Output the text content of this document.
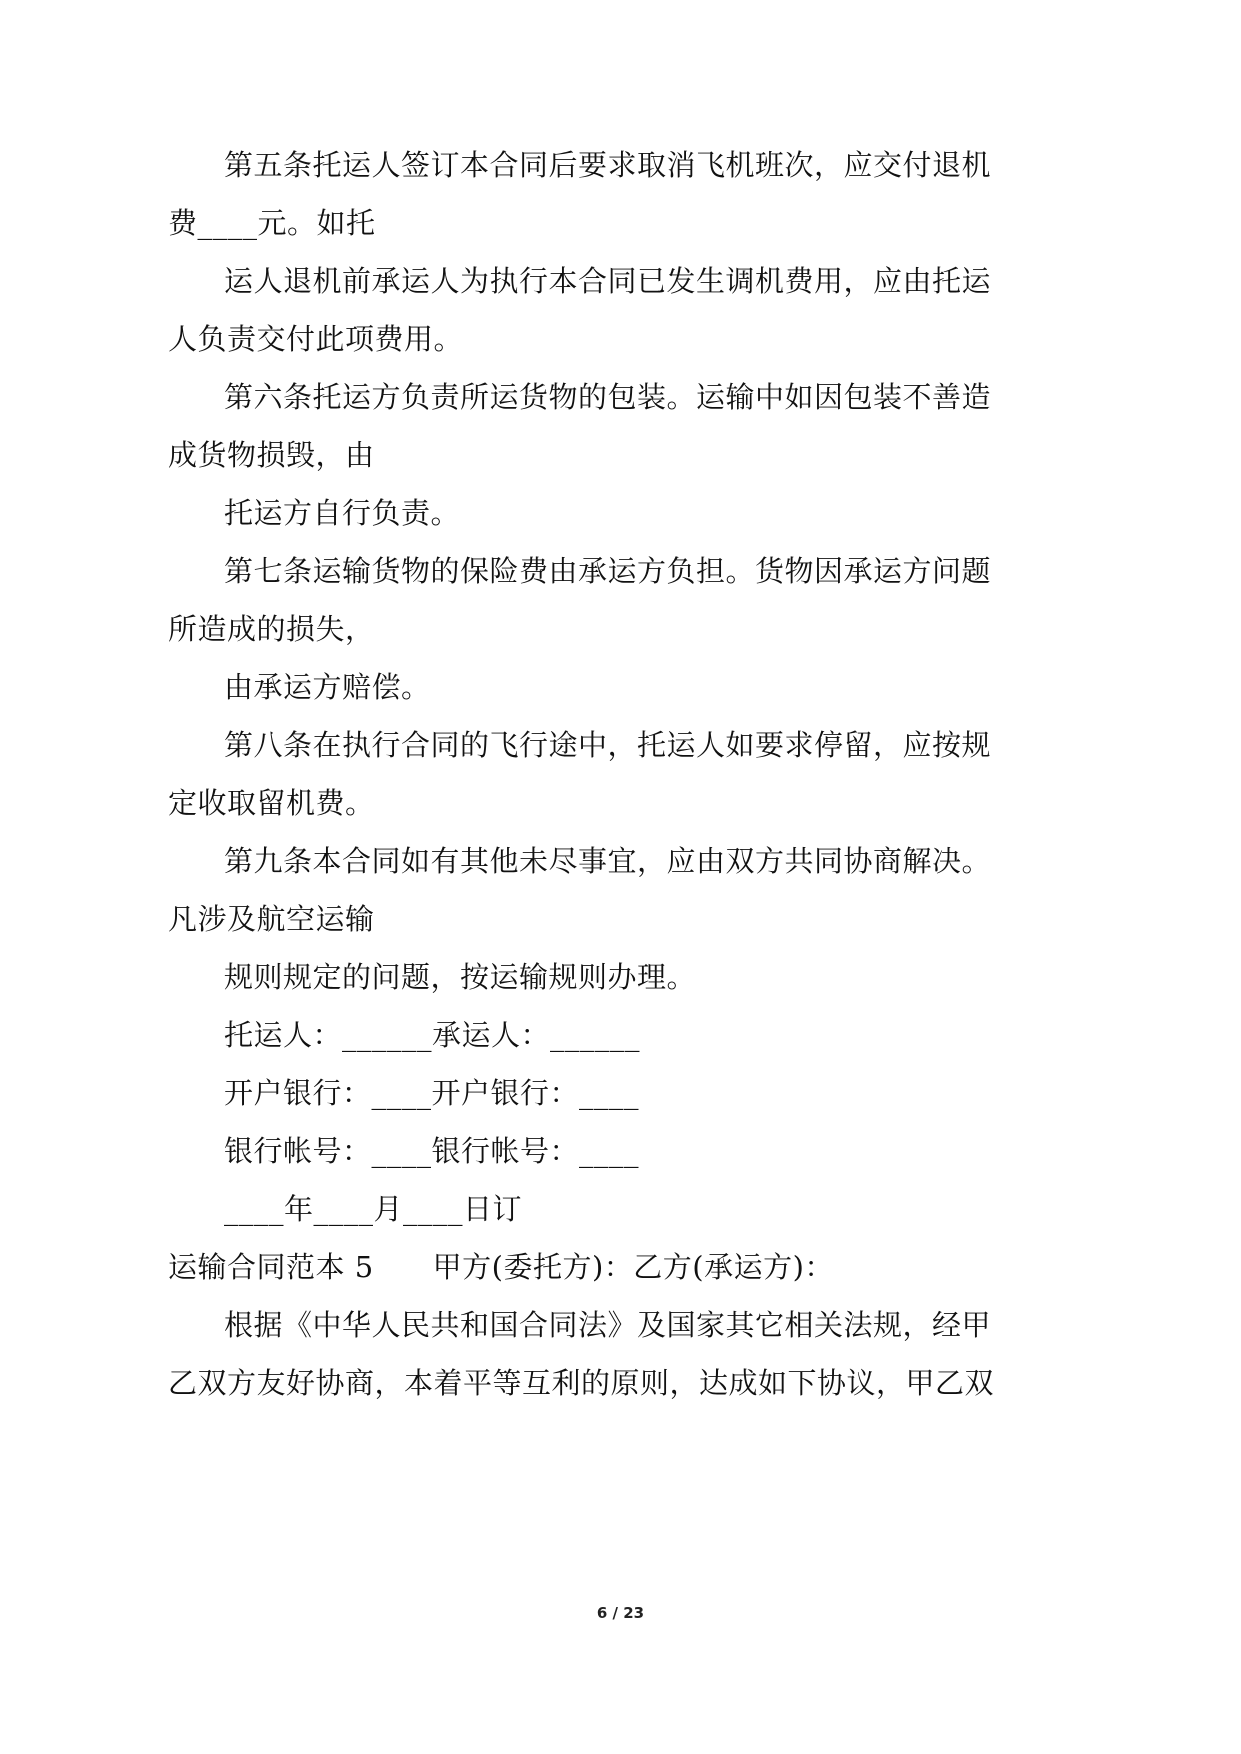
第五条托运人签订本合同后要求取消飞机班次，应交付退机
费____元。如托
运人退机前承运人为执行本合同已发生调机费用，应由托运
人负责交付此项费用。
第六条托运方负责所运货物的包装。运输中如因包装不善造
成货物损毁，由
托运方自行负责。
第七条运输货物的保险费由承运方负担。货物因承运方问题
所造成的损失，
由承运方赔偿。
第八条在执行合同的飞行途中，托运人如要求停留，应按规
定收取留机费。
第九条本合同如有其他未尽事宜，应由双方共同协商解决。
凡涉及航空运输
规则规定的问题，按运输规则办理。
托运人：______承运人：______
开户银行：____开户银行：____
银行帐号：____银行帐号：____
____年____月____日订
运输合同范本 5　　甲方(委托方)：乙方(承运方)：
根据《中华人民共和国合同法》及国家其它相关法规，经甲
乙双方友好协商，本着平等互利的原则，达成如下协议，甲乙双
6 / 23
